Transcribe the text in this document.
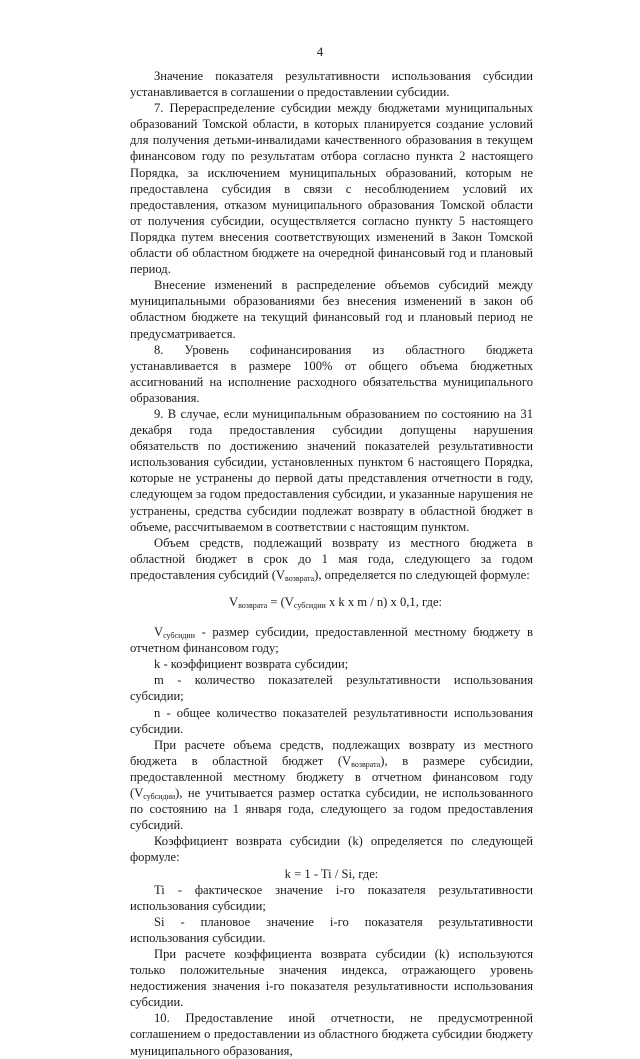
4

Значение показателя результативности использования субсидии устанавливается в соглашении о предоставлении субсидии.

7. Перераспределение субсидии между бюджетами муниципальных образований Томской области, в которых планируется создание условий для получения детьми-инвалидами качественного образования в текущем финансовом году по результатам отбора согласно пункта 2 настоящего Порядка, за исключением муниципальных образований, которым не предоставлена субсидия в связи с несоблюдением условий их предоставления, отказом муниципального образования Томской области от получения субсидии, осуществляется согласно пункту 5 настоящего Порядка путем внесения соответствующих изменений в Закон Томской области об областном бюджете на очередной финансовый год и плановый период.

Внесение изменений в распределение объемов субсидий между муниципальными образованиями без внесения изменений в закон об областном бюджете на текущий финансовый год и плановый период не предусматривается.

8. Уровень софинансирования из областного бюджета устанавливается в размере 100% от общего объема бюджетных ассигнований на исполнение расходного обязательства муниципального образования.

9. В случае, если муниципальным образованием по состоянию на 31 декабря года предоставления субсидии допущены нарушения обязательств по достижению значений показателей результативности использования субсидии, установленных пунктом 6 настоящего Порядка, которые не устранены до первой даты представления отчетности в году, следующем за годом предоставления субсидии, и указанные нарушения не устранены, средства субсидии подлежат возврату в областной бюджет в объеме, рассчитываемом в соответствии с настоящим пунктом.

Объем средств, подлежащий возврату из местного бюджета в областной бюджет в срок до 1 мая года, следующего за годом предоставления субсидий $(V_{возврата})$, определяется по следующей формуле:

$V_{возврата} = (V_{субсидии}$ x k x m / n) x 0,1, где:

$V_{субсидии}$ - размер субсидии, предоставленной местному бюджету в отчетном финансовом году;

k - коэффициент возврата субсидии;

m - количество показателей результативности использования субсидии;

n - общее количество показателей результативности использования субсидии.

При расчете объема средств, подлежащих возврату из местного бюджета в областной бюджет $(V_{возврата})$, в размере субсидии, предоставленной местному бюджету в отчетном финансовом году $(V_{субсидии})$, не учитывается размер остатка субсидии, не использованного по состоянию на 1 января года, следующего за годом предоставления субсидий.

Коэффициент возврата субсидии (k) определяется по следующей формуле:

k = 1 - Ti / Si, где:

Ti - фактическое значение i-го показателя результативности использования субсидии;

Si - плановое значение i-го показателя результативности использования субсидии.

При расчете коэффициента возврата субсидии (k) используются только положительные значения индекса, отражающего уровень недостижения значения i-го показателя результативности использования субсидии.

10. Предоставление иной отчетности, не предусмотренной соглашением о предоставлении из областного бюджета субсидии бюджету муниципального образования,
